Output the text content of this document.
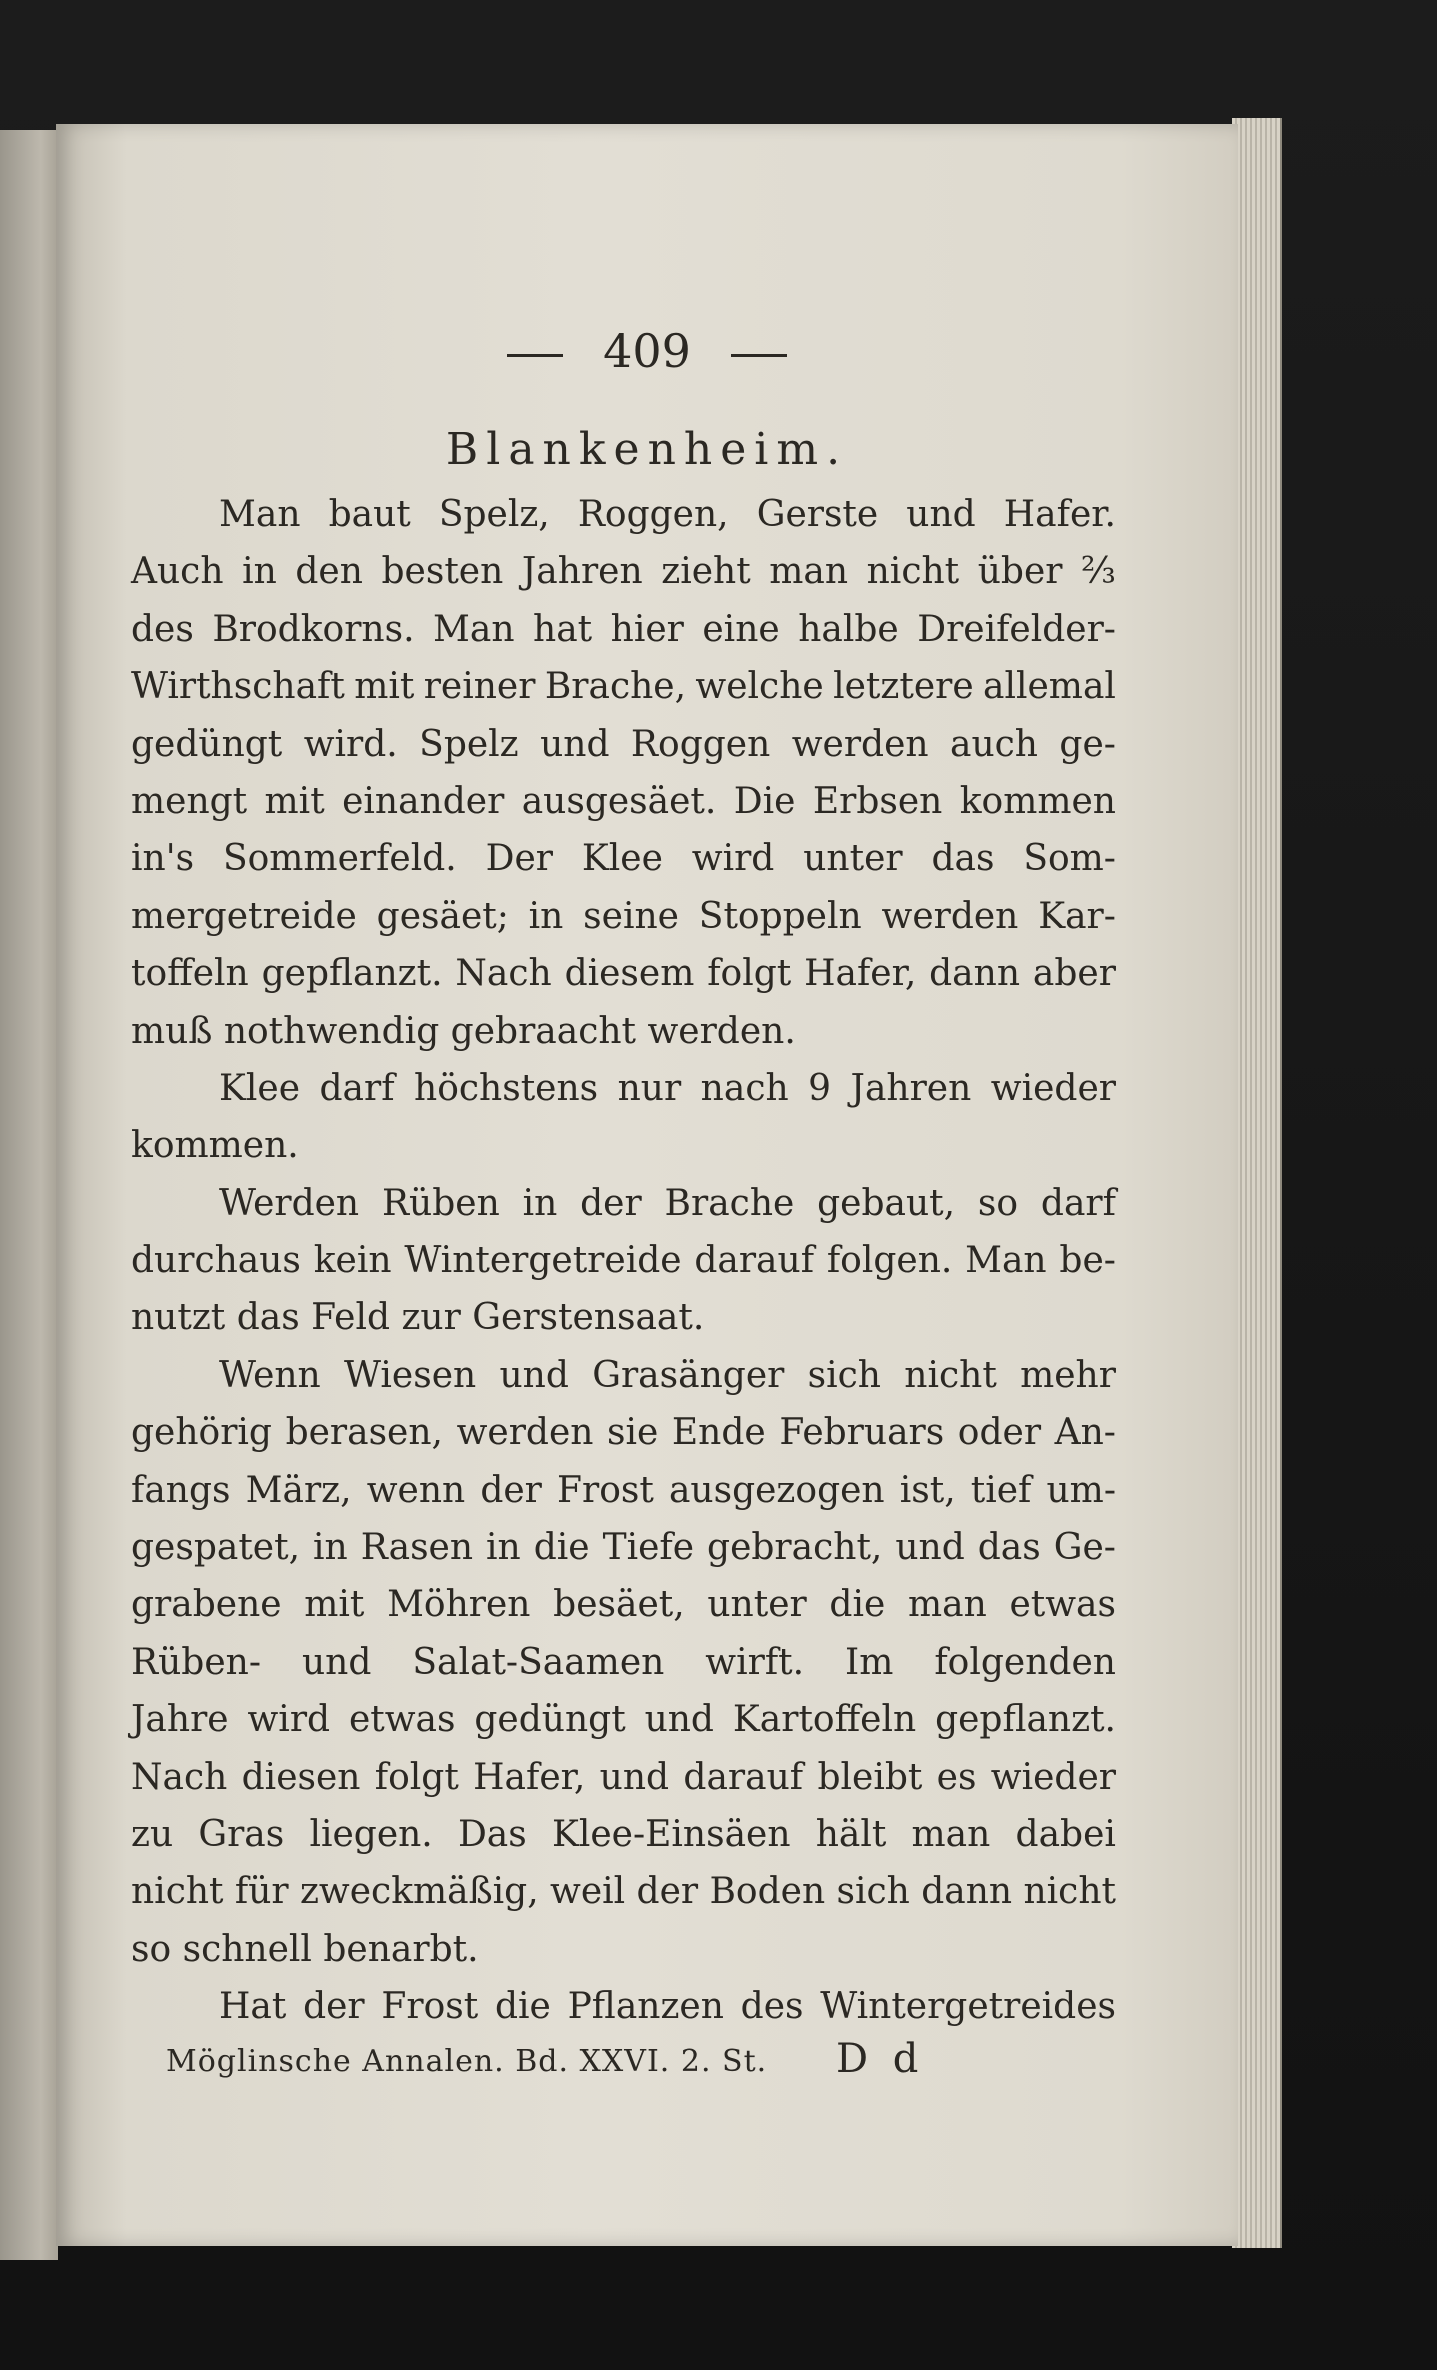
409
Blankenheim.
Man baut Spelz, Roggen, Gerste und Hafer.
Auch in den besten Jahren zieht man nicht über ⅔
des Brodkorns. Man hat hier eine halbe Dreifelder-
Wirthschaft mit reiner Brache, welche letztere allemal
gedüngt wird. Spelz und Roggen werden auch ge-
mengt mit einander ausgesäet. Die Erbsen kommen
in's Sommerfeld. Der Klee wird unter das Som-
mergetreide gesäet; in seine Stoppeln werden Kar-
toffeln gepflanzt. Nach diesem folgt Hafer, dann aber
muß nothwendig gebraacht werden.
Klee darf höchstens nur nach 9 Jahren wieder
kommen.
Werden Rüben in der Brache gebaut, so darf
durchaus kein Wintergetreide darauf folgen. Man be-
nutzt das Feld zur Gerstensaat.
Wenn Wiesen und Grasänger sich nicht mehr
gehörig berasen, werden sie Ende Februars oder An-
fangs März, wenn der Frost ausgezogen ist, tief um-
gespatet, in Rasen in die Tiefe gebracht, und das Ge-
grabene mit Möhren besäet, unter die man etwas
Rüben- und Salat-Saamen wirft. Im folgenden
Jahre wird etwas gedüngt und Kartoffeln gepflanzt.
Nach diesen folgt Hafer, und darauf bleibt es wieder
zu Gras liegen. Das Klee-Einsäen hält man dabei
nicht für zweckmäßig, weil der Boden sich dann nicht
so schnell benarbt.
Hat der Frost die Pflanzen des Wintergetreides
Möglinsche Annalen. Bd. XXVI. 2. St.	D d
